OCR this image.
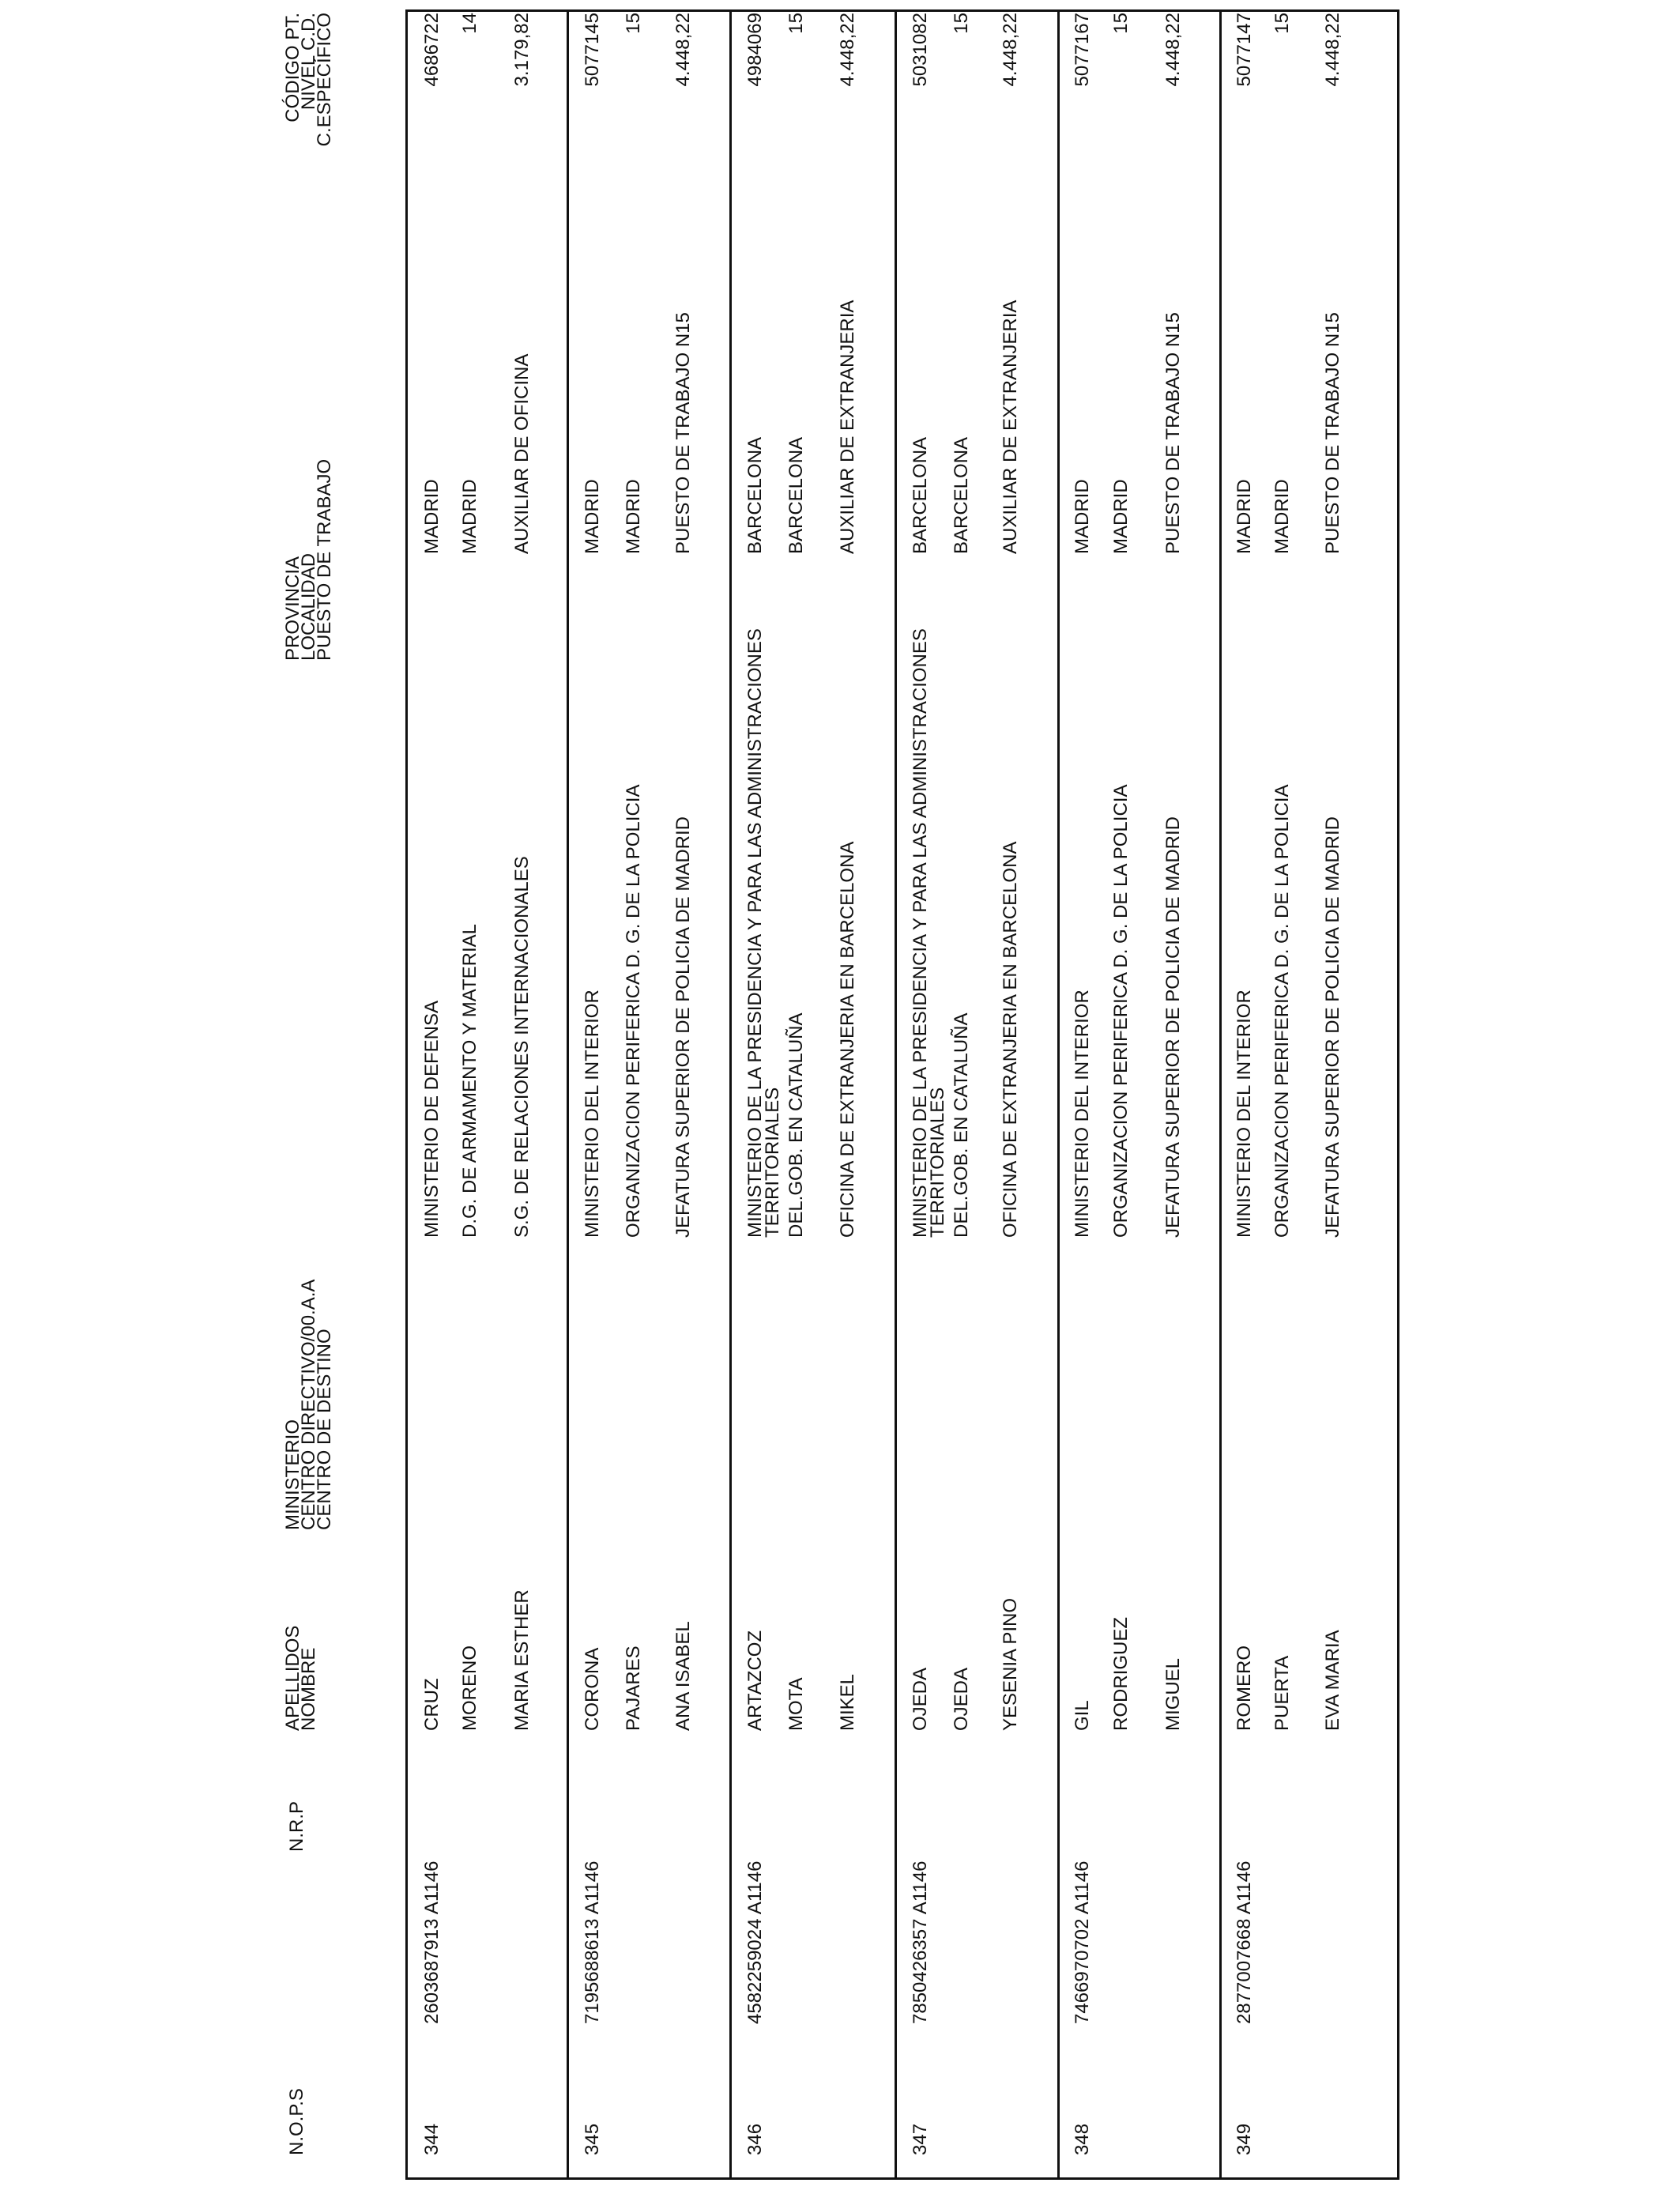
N.O.P.S
N.R.P
APELLIDOS
NOMBRE
MINISTERIO
CENTRO DIRECTIVO/00.A.A
CENTRO DE DESTINO
PROVINCIA
LOCALIDAD
PUESTO DE TRABAJO
CÓDIGO PT.
NIVEL C.D.
C.ESPECÍFICO
344
2603687913 A1146
CRUZ MORENO MARIA ESTHER
MINISTERIO DE DEFENSA D.G. DE ARMAMENTO Y MATERIAL S.G. DE RELACIONES INTERNACIONALES
MADRID MADRID AUXILIAR DE OFICINA
4686722 14 3.179,82
345
7195688613 A1146
CORONA PAJARES ANA ISABEL
MINISTERIO DEL INTERIOR ORGANIZACION PERIFERICA D. G. DE LA POLICIA JEFATURA SUPERIOR DE POLICIA DE MADRID
MADRID MADRID PUESTO DE TRABAJO N15
5077145 15 4.448,22
346
4582259024 A1146
ARTAZCOZ MOTA MIKEL
MINISTERIO DE LA PRESIDENCIA Y PARA LAS ADMINISTRACIONES
TERRITORIALES DEL.GOB. EN CATALUÑA OFICINA DE EXTRANJERIA EN BARCELONA
BARCELONA BARCELONA AUXILIAR DE EXTRANJERIA
4984069 15 4.448,22
347
7850426357 A1146
OJEDA OJEDA YESENIA PINO
MINISTERIO DE LA PRESIDENCIA Y PARA LAS ADMINISTRACIONES
TERRITORIALES DEL.GOB. EN CATALUÑA OFICINA DE EXTRANJERIA EN BARCELONA
BARCELONA BARCELONA AUXILIAR DE EXTRANJERIA
5031082 15 4.448,22
348
7466970702 A1146
GIL RODRIGUEZ MIGUEL
MINISTERIO DEL INTERIOR ORGANIZACION PERIFERICA D. G. DE LA POLICIA JEFATURA SUPERIOR DE POLICIA DE MADRID
MADRID MADRID PUESTO DE TRABAJO N15
5077167 15 4.448,22
349
2877007668 A1146
ROMERO PUERTA EVA MARIA
MINISTERIO DEL INTERIOR ORGANIZACION PERIFERICA D. G. DE LA POLICIA JEFATURA SUPERIOR DE POLICIA DE MADRID
MADRID MADRID PUESTO DE TRABAJO N15
5077147 15 4.448,22
